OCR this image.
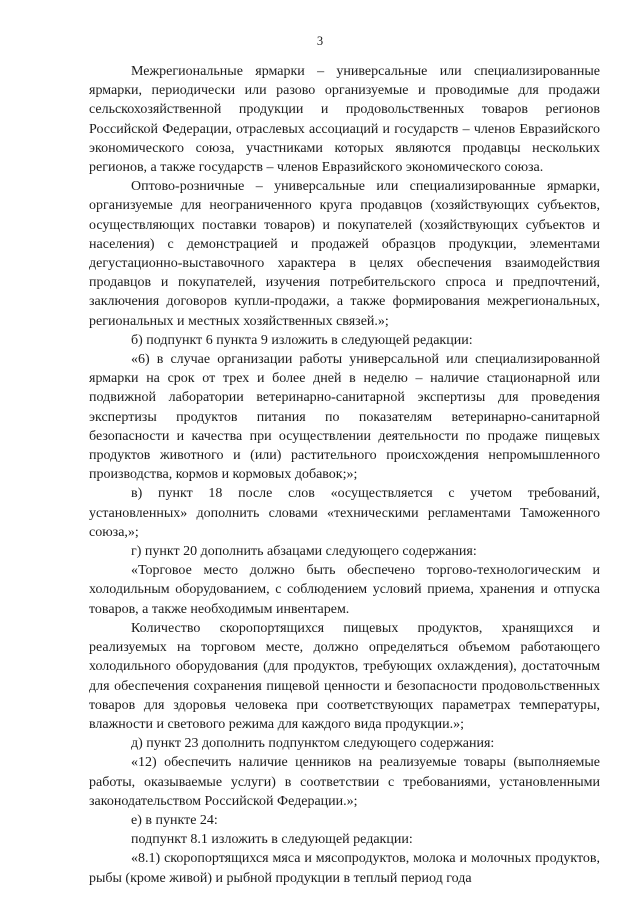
3

Межрегиональные ярмарки – универсальные или специализированные ярмарки, периодически или разово организуемые и проводимые для продажи сельскохозяйственной продукции и продовольственных товаров регионов Российской Федерации, отраслевых ассоциаций и государств – членов Евразийского экономического союза, участниками которых являются продавцы нескольких регионов, а также государств – членов Евразийского экономического союза.

Оптово-розничные – универсальные или специализированные ярмарки, организуемые для неограниченного круга продавцов (хозяйствующих субъектов, осуществляющих поставки товаров) и покупателей (хозяйствующих субъектов и населения) с демонстрацией и продажей образцов продукции, элементами дегустационно-выставочного характера в целях обеспечения взаимодействия продавцов и покупателей, изучения потребительского спроса и предпочтений, заключения договоров купли-продажи, а также формирования межрегиональных, региональных и местных хозяйственных связей.»;

б) подпункт 6 пункта 9 изложить в следующей редакции:

«6) в случае организации работы универсальной или специализированной ярмарки на срок от трех и более дней в неделю – наличие стационарной или подвижной лаборатории ветеринарно-санитарной экспертизы для проведения экспертизы продуктов питания по показателям ветеринарно-санитарной безопасности и качества при осуществлении деятельности по продаже пищевых продуктов животного и (или) растительного происхождения непромышленного производства, кормов и кормовых добавок;»;

в) пункт 18 после слов «осуществляется с учетом требований, установленных» дополнить словами «техническими регламентами Таможенного союза,»;

г) пункт 20 дополнить абзацами следующего содержания:

«Торговое место должно быть обеспечено торгово-технологическим и холодильным оборудованием, с соблюдением условий приема, хранения и отпуска товаров, а также необходимым инвентарем.

Количество скоропортящихся пищевых продуктов, хранящихся и реализуемых на торговом месте, должно определяться объемом работающего холодильного оборудования (для продуктов, требующих охлаждения), достаточным для обеспечения сохранения пищевой ценности и безопасности продовольственных товаров для здоровья человека при соответствующих параметрах температуры, влажности и светового режима для каждого вида продукции.»;

д) пункт 23 дополнить подпунктом следующего содержания:

«12) обеспечить наличие ценников на реализуемые товары (выполняемые работы, оказываемые услуги) в соответствии с требованиями, установленными законодательством Российской Федерации.»;

е) в пункте 24:

подпункт 8.1 изложить в следующей редакции:

«8.1) скоропортящихся мяса и мясопродуктов, молока и молочных продуктов, рыбы (кроме живой) и рыбной продукции в теплый период года
